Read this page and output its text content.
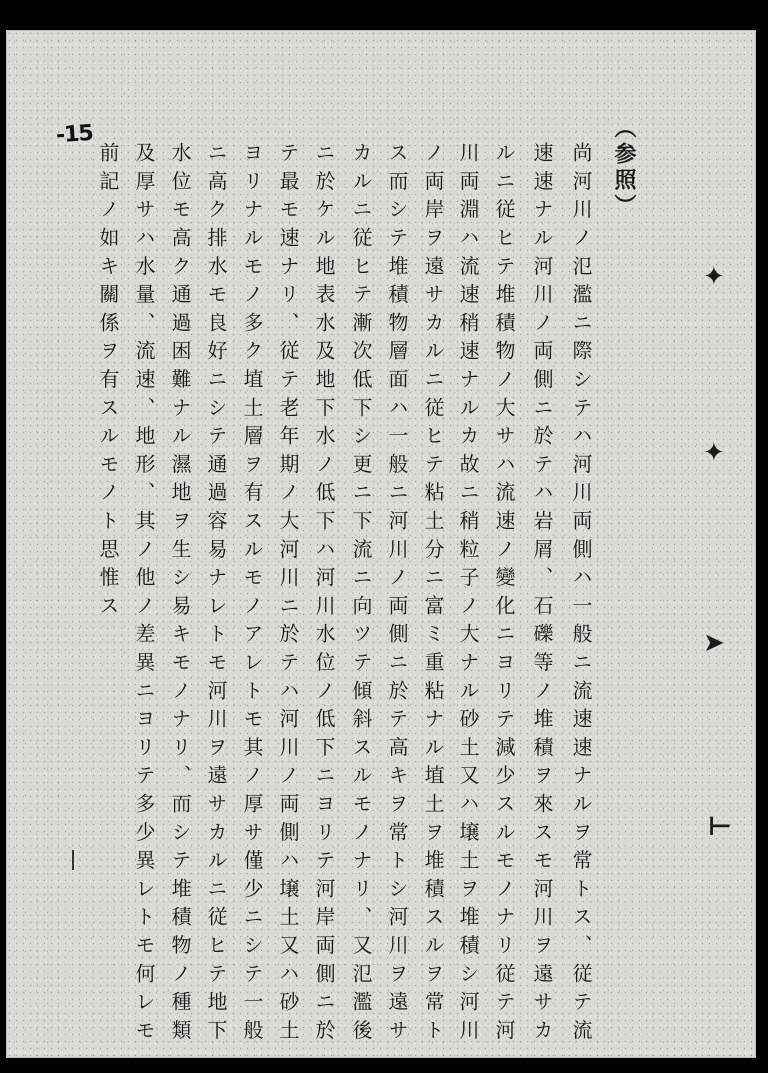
-15	（参照）
尚河川ノ氾濫ニ際シテハ河川両側ハ一般ニ流速速ナルヲ常トス、従テ流
速速ナル河川ノ両側ニ於テハ岩屑、石礫等ノ堆積ヲ來スモ河川ヲ遠サカ
ルニ従ヒテ堆積物ノ大サハ流速ノ變化ニヨリテ減少スルモノナリ従テ河
川両淵ハ流速稍速ナルカ故ニ稍粒子ノ大ナル砂土又ハ壌土ヲ堆積シ河川
ノ両岸ヲ遠サカルニ従ヒテ粘土分ニ富ミ重粘ナル埴土ヲ堆積スルヲ常ト
ス而シテ堆積物層面ハ一般ニ河川ノ両側ニ於テ高キヲ常トシ河川ヲ遠サ
カルニ従ヒテ漸次低下シ更ニ下流ニ向ツテ傾斜スルモノナリ、又氾濫後
ニ於ケル地表水及地下水ノ低下ハ河川水位ノ低下ニヨリテ河岸両側ニ於
テ最モ速ナリ、従テ老年期ノ大河川ニ於テハ河川ノ両側ハ壌土又ハ砂土
ヨリナルモノ多ク埴土層ヲ有スルモノアレトモ其ノ厚サ僅少ニシテ一般
ニ高ク排水モ良好ニシテ通過容易ナレトモ河川ヲ遠サカルニ従ヒテ地下
水位モ高ク通過困難ナル濕地ヲ生シ易キモノナリ、而シテ堆積物ノ種類
及厚サハ水量、流速、地形、其ノ他ノ差異ニヨリテ多少異レトモ何レモ
前記ノ如キ關係ヲ有スルモノト思惟ス	✦
✦
➤
⊢
